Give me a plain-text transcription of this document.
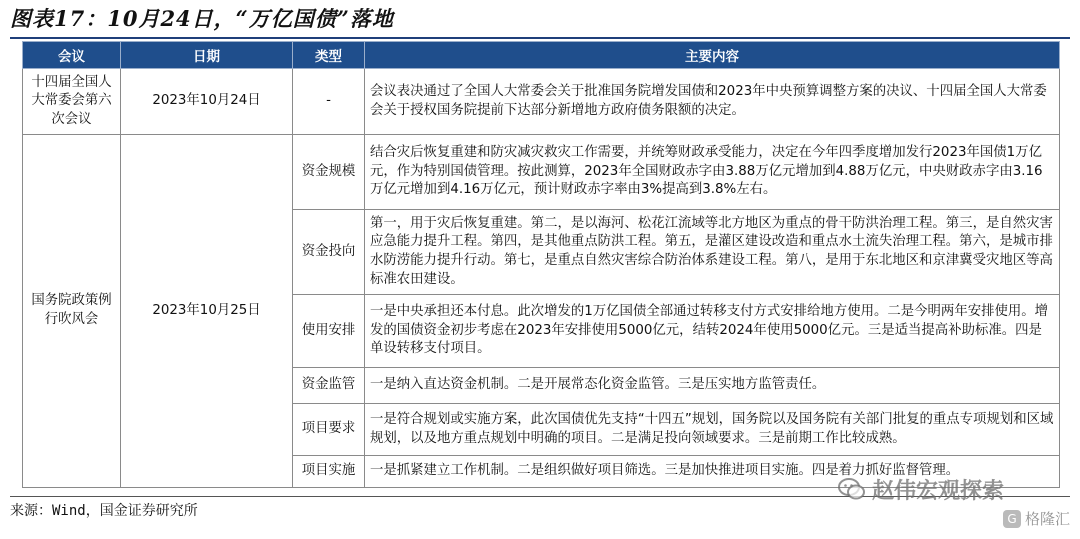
图表17：10月24日，“万亿国债”落地
会议	日期	类型	主要内容
十四届全国人大常委会第六次会议	2023年10月24日	-	会议表决通过了全国人大常委会关于批准国务院增发国债和2023年中央预算调整方案的决议、十四届全国人大常委会关于授权国务院提前下达部分新增地方政府债务限额的决定。
国务院政策例行吹风会	2023年10月25日	资金规模	结合灾后恢复重建和防灾减灾救灾工作需要，并统筹财政承受能力，决定在今年四季度增加发行2023年国债1万亿元，作为特别国债管理。按此测算，2023年全国财政赤字由3.88万亿元增加到4.88万亿元，中央财政赤字由3.16万亿元增加到4.16万亿元，预计财政赤字率由3%提高到3.8%左右。
		资金投向	第一，用于灾后恢复重建。第二，是以海河、松花江流域等北方地区为重点的骨干防洪治理工程。第三，是自然灾害应急能力提升工程。第四，是其他重点防洪工程。第五，是灌区建设改造和重点水土流失治理工程。第六，是城市排水防涝能力提升行动。第七，是重点自然灾害综合防治体系建设工程。第八，是用于东北地区和京津冀受灾地区等高标准农田建设。
		使用安排	一是中央承担还本付息。此次增发的1万亿国债全部通过转移支付方式安排给地方使用。二是今明两年安排使用。增发的国债资金初步考虑在2023年安排使用5000亿元，结转2024年使用5000亿元。三是适当提高补助标准。四是单设转移支付项目。
		资金监管	一是纳入直达资金机制。二是开展常态化资金监管。三是压实地方监管责任。
		项目要求	一是符合规划或实施方案，此次国债优先支持“十四五”规划，国务院以及国务院有关部门批复的重点专项规划和区域规划，以及地方重点规划中明确的项目。二是满足投向领域要求。三是前期工作比较成熟。
		项目实施	一是抓紧建立工作机制。二是组织做好项目筛选。三是加快推进项目实施。四是着力抓好监督管理。
来源：Wind，国金证券研究所
赵伟宏观探索
G 格隆汇
